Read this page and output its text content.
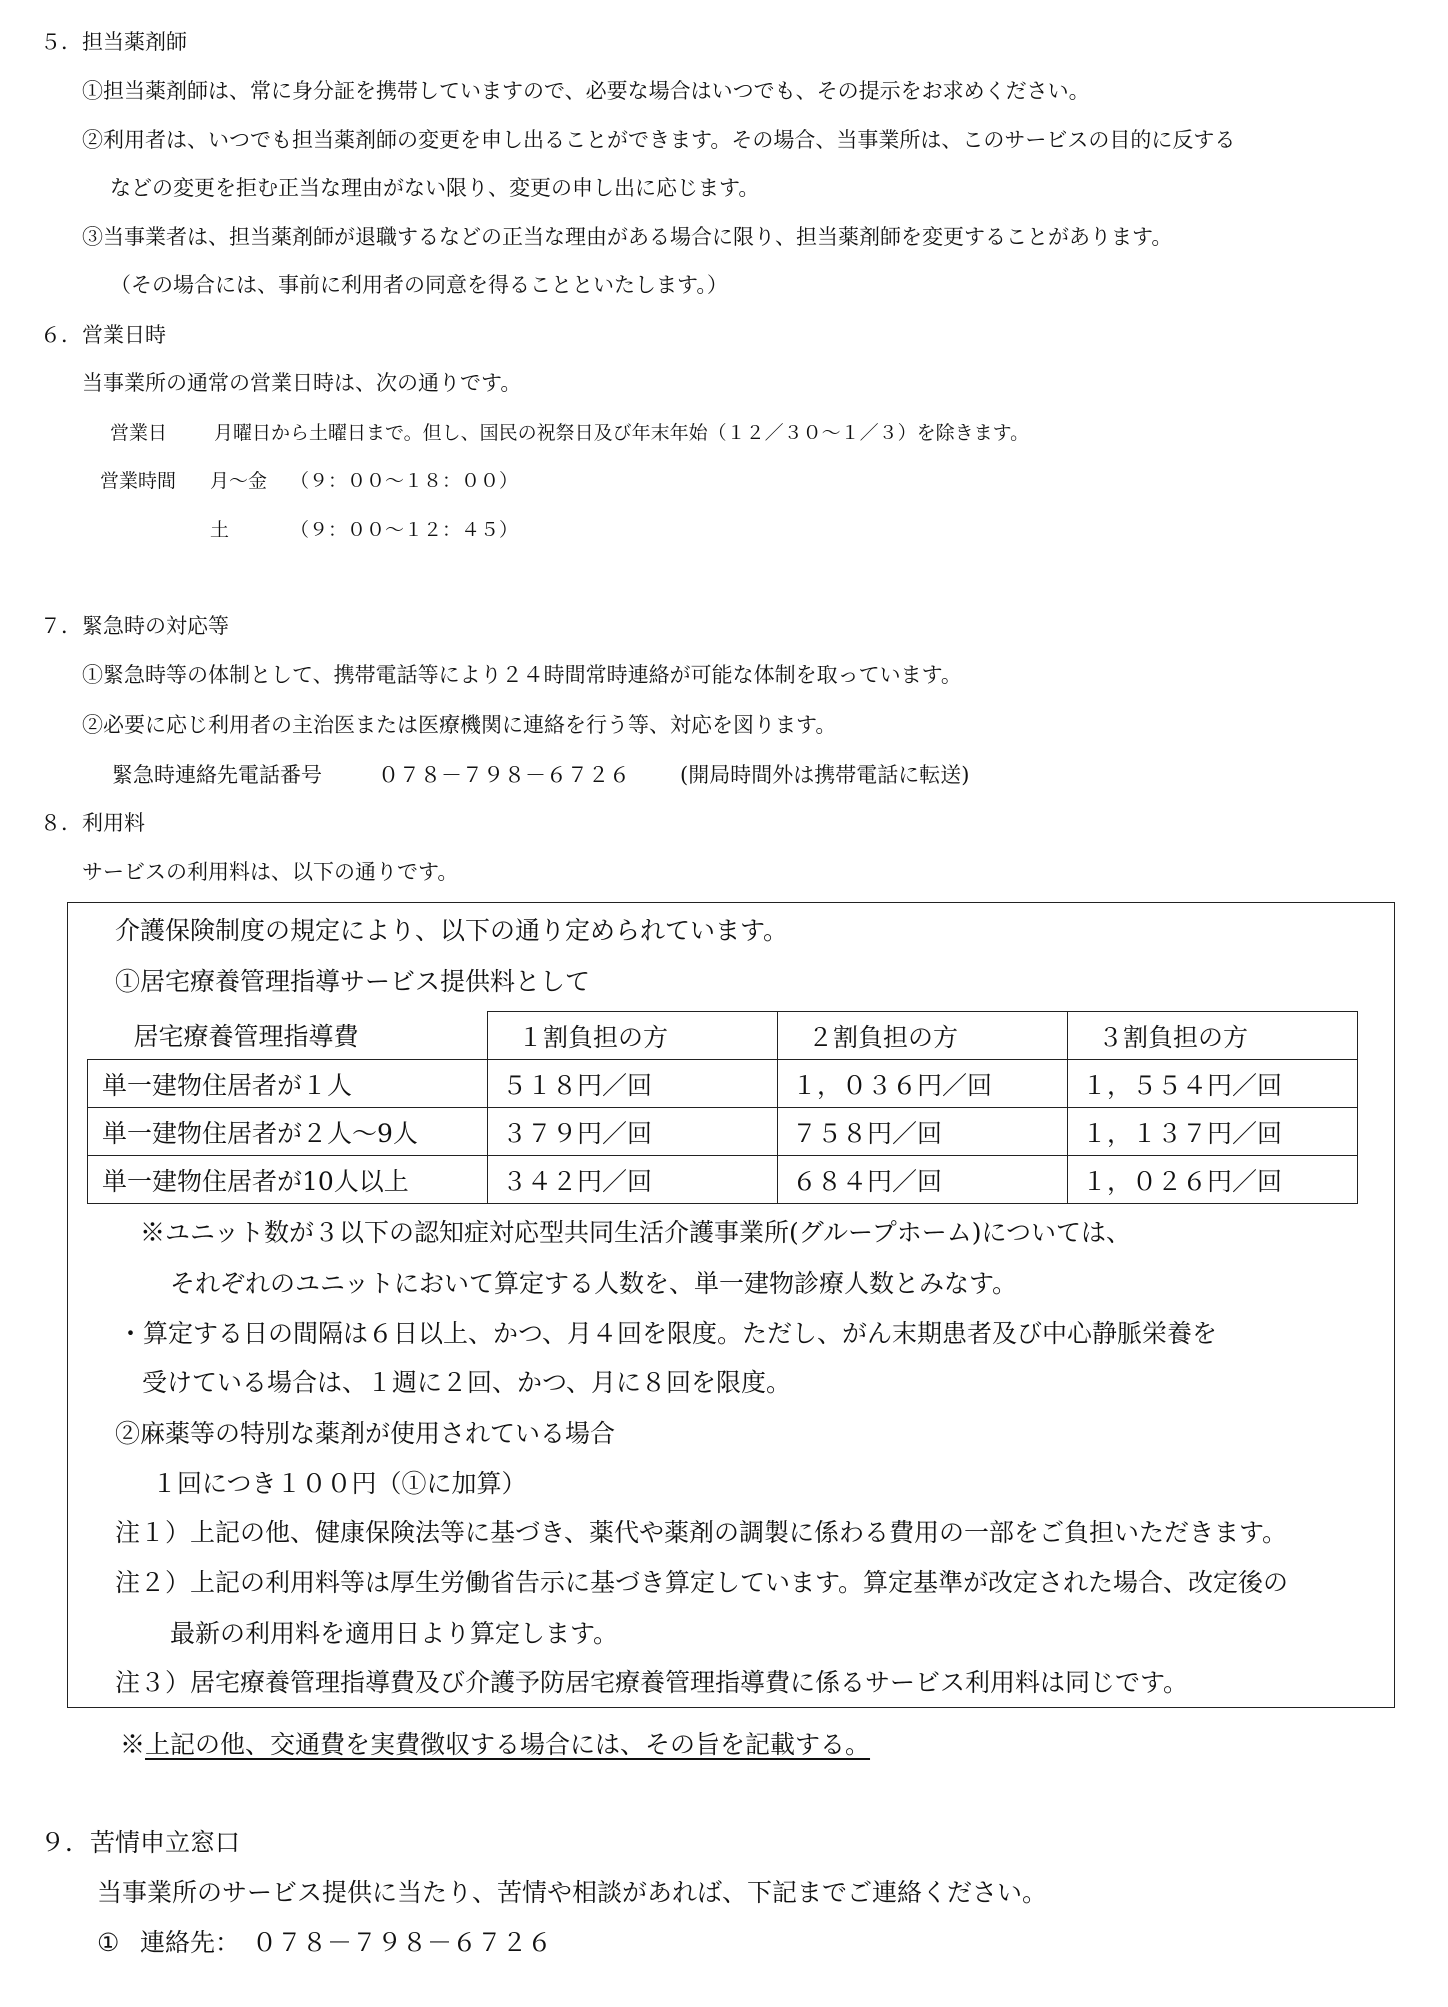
５．担当薬剤師
①担当薬剤師は、常に身分証を携帯していますので、必要な場合はいつでも、その提示をお求めください。
②利用者は、いつでも担当薬剤師の変更を申し出ることができます。その場合、当事業所は、このサービスの目的に反する
などの変更を拒む正当な理由がない限り、変更の申し出に応じます。
③当事業者は、担当薬剤師が退職するなどの正当な理由がある場合に限り、担当薬剤師を変更することがあります。
（その場合には、事前に利用者の同意を得ることといたします。）
６．営業日時
当事業所の通常の営業日時は、次の通りです。
営業日 月曜日から土曜日まで。但し、国民の祝祭日及び年末年始（１２／３０～１／３）を除きます。
営業時間 月～金 （９：００～１８：００）
土	（９：００～１２：４５）
７．緊急時の対応等
①緊急時等の体制として、携帯電話等により２４時間常時連絡が可能な体制を取っています。
②必要に応じ利用者の主治医または医療機関に連絡を行う等、対応を図ります。
緊急時連絡先電話番号	０７８－７９８－６７２６ (開局時間外は携帯電話に転送)
８．利用料
サービスの利用料は、以下の通りです。
介護保険制度の規定により、以下の通り定められています。
①居宅療養管理指導サービス提供料として
居宅療養管理指導費	１割負担の方	２割負担の方	３割負担の方
単一建物住居者が１人	５１８円／回	１，０３６円／回	１，５５４円／回
単一建物住居者が２人～9人	３７９円／回	７５８円／回	１，１３７円／回
単一建物住居者が10人以上	３４２円／回	６８４円／回	１，０２６円／回
※ユニット数が３以下の認知症対応型共同生活介護事業所(グループホーム)については、
それぞれのユニットにおいて算定する人数を、単一建物診療人数とみなす。
・算定する日の間隔は６日以上、かつ、月４回を限度。ただし、がん末期患者及び中心静脈栄養を
受けている場合は、１週に２回、かつ、月に８回を限度。
②麻薬等の特別な薬剤が使用されている場合
１回につき１００円（①に加算）
注１）上記の他、健康保険法等に基づき、薬代や薬剤の調製に係わる費用の一部をご負担いただきます。
注２）上記の利用料等は厚生労働省告示に基づき算定しています。算定基準が改定された場合、改定後の
最新の利用料を適用日より算定します。
注３）居宅療養管理指導費及び介護予防居宅療養管理指導費に係るサービス利用料は同じです。
※上記の他、交通費を実費徴収する場合には、その旨を記載する。
９．苦情申立窓口
当事業所のサービス提供に当たり、苦情や相談があれば、下記までご連絡ください。
① 連絡先： ０７８－７９８－６７２６
